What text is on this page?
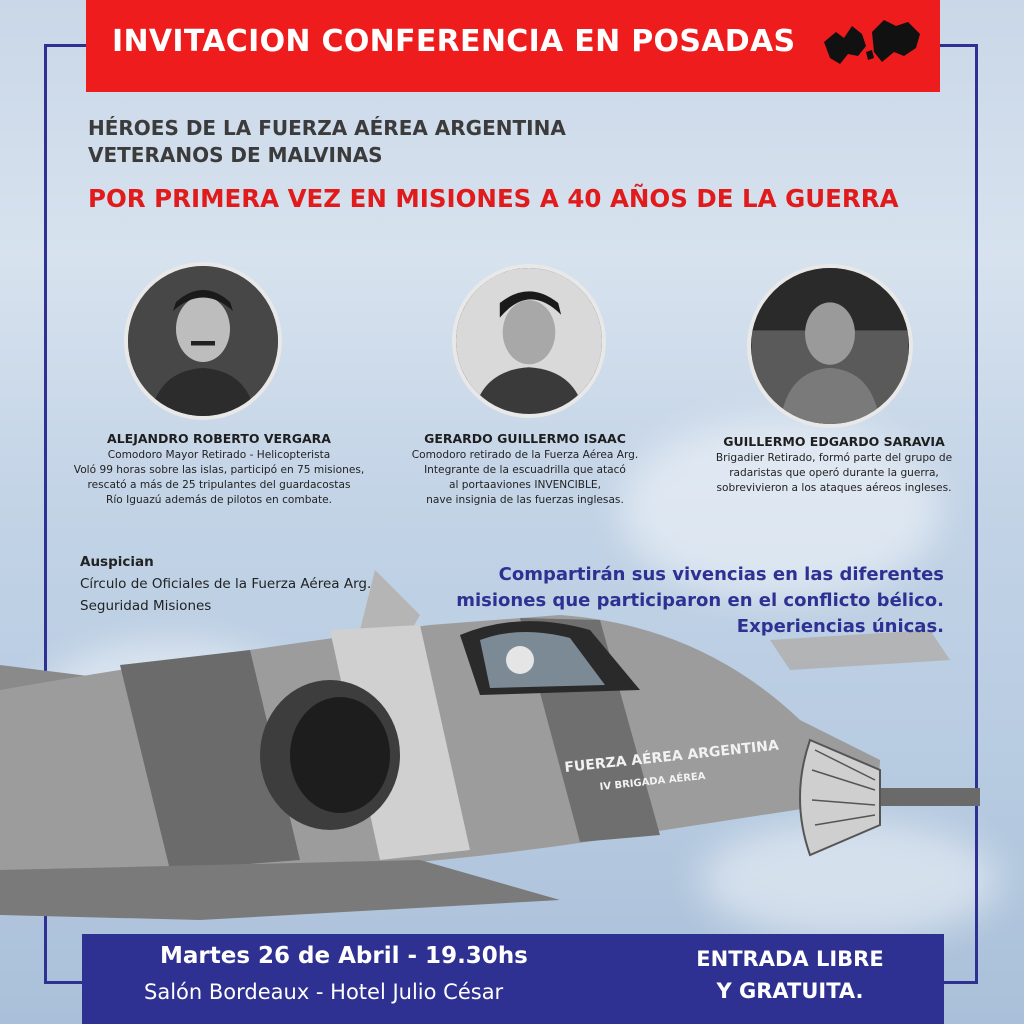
FUERZA AÉREA ARGENTINA
IV BRIGADA AÉREA
INVITACION CONFERENCIA EN POSADAS
HÉROES DE LA FUERZA AÉREA ARGENTINA
VETERANOS DE MALVINAS
POR PRIMERA VEZ EN MISIONES A 40 AÑOS DE LA GUERRA
ALEJANDRO ROBERTO VERGARA
Comodoro Mayor Retirado - Helicopterista
Voló 99 horas sobre las islas, participó en 75 misiones,
rescató a más de 25 tripulantes del guardacostas
Río Iguazú además de pilotos en combate.
GERARDO GUILLERMO ISAAC
Comodoro retirado de la Fuerza Aérea Arg.
Integrante de la escuadrilla que atacó
al portaaviones INVENCIBLE,
nave insignia de las fuerzas inglesas.
GUILLERMO EDGARDO SARAVIA
Brigadier Retirado, formó parte del grupo de
radaristas que operó durante la guerra,
sobrevivieron a los ataques aéreos ingleses.
Auspician
Círculo de Oficiales de la Fuerza Aérea Arg.
Seguridad Misiones
Compartirán sus vivencias en las diferentes
misiones que participaron en el conflicto bélico.
Experiencias únicas.
Martes 26 de Abril - 19.30hs
Salón Bordeaux - Hotel Julio César
ENTRADA LIBRE
Y GRATUITA.
